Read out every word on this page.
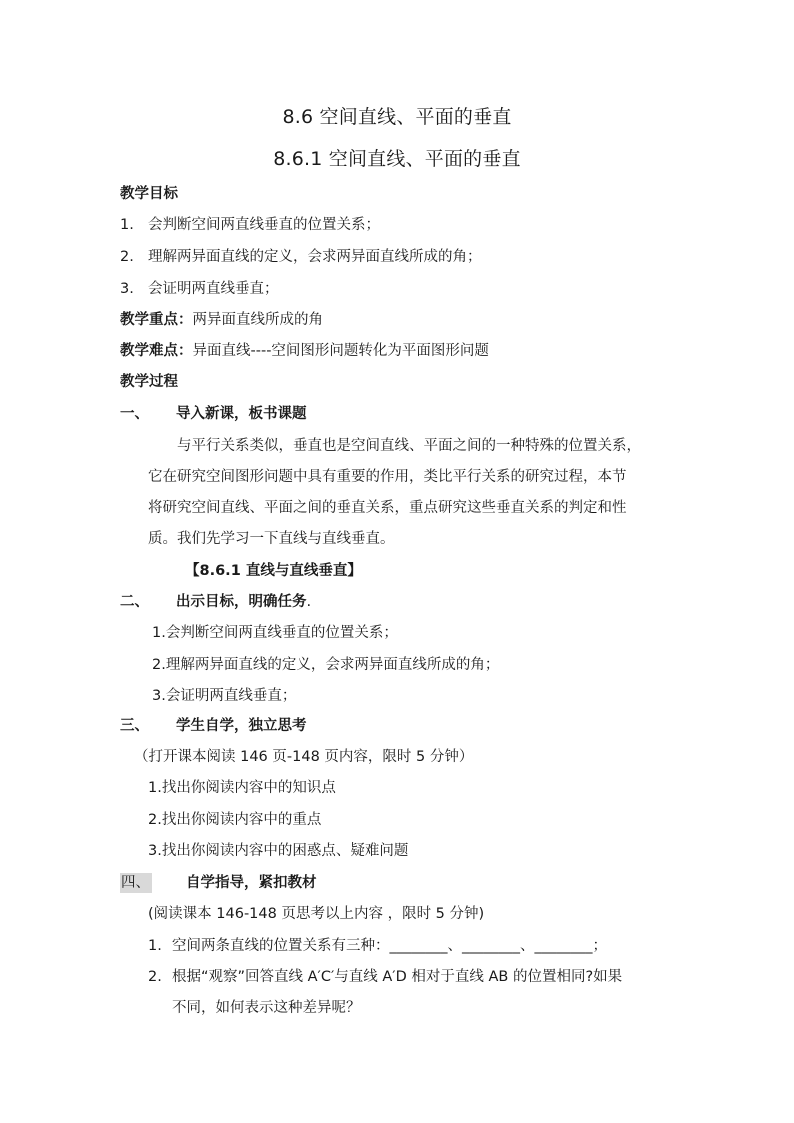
8.6 空间直线、平面的垂直
8.6.1 空间直线、平面的垂直
教学目标
1. 会判断空间两直线垂直的位置关系；
2. 理解两异面直线的定义，会求两异面直线所成的角；
3. 会证明两直线垂直；
教学重点：两异面直线所成的角
教学难点：异面直线----空间图形问题转化为平面图形问题
教学过程
一、 导入新课，板书课题
与平行关系类似，垂直也是空间直线、平面之间的一种特殊的位置关系，
它在研究空间图形问题中具有重要的作用，类比平行关系的研究过程，本节
将研究空间直线、平面之间的垂直关系，重点研究这些垂直关系的判定和性
质。我们先学习一下直线与直线垂直。
【8.6.1 直线与直线垂直】
二、 出示目标，明确任务.
1.会判断空间两直线垂直的位置关系；
2.理解两异面直线的定义，会求两异面直线所成的角；
3.会证明两直线垂直；
三、 学生自学，独立思考
（打开课本阅读 146 页-148 页内容，限时 5 分钟）
1.找出你阅读内容中的知识点
2.找出你阅读内容中的重点
3.找出你阅读内容中的困惑点、疑难问题
四、 自学指导，紧扣教材
(阅读课本 146-148 页思考以上内容 ，限时 5 分钟)
1. 空间两条直线的位置关系有三种：________、________、________；
2. 根据“观察”回答直线 A′C′与直线 A′D 相对于直线 AB 的位置相同?如果
不同，如何表示这种差异呢？
